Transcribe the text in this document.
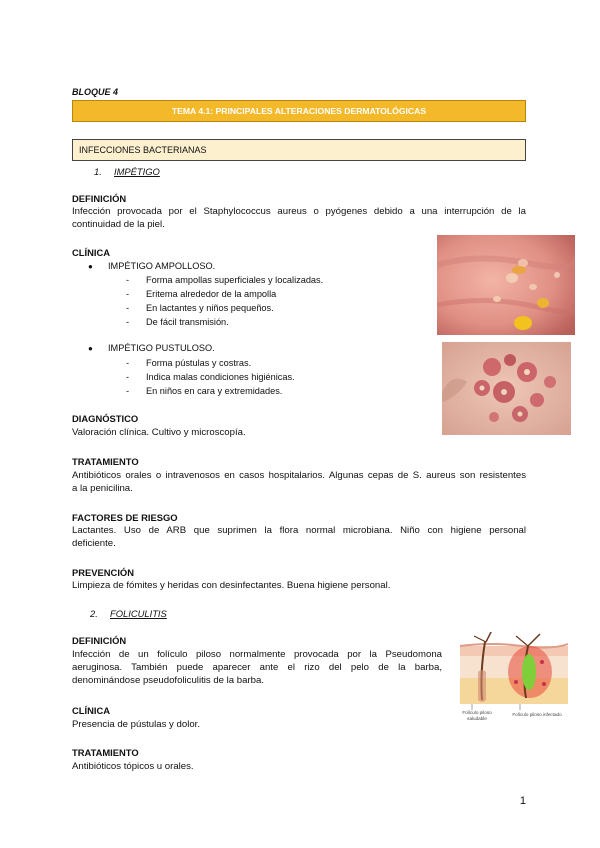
BLOQUE 4
TEMA 4.1: PRINCIPALES ALTERACIONES DERMATOLÓGICAS
INFECCIONES BACTERIANAS
1. IMPÉTIGO
DEFINICIÓN
Infección provocada por el Staphylococcus aureus o pyógenes debido a una interrupción de la
continuidad de la piel.
CLÍNICA
● IMPÉTIGO AMPOLLOSO.
- Forma ampollas superficiales y localizadas.
- Eritema alrededor de la ampolla
- En lactantes y niños pequeños.
- De fácil transmisión.
● IMPÉTIGO PUSTULOSO.
- Forma pústulas y costras.
- Indica malas condiciones higiénicas.
- En niños en cara y extremidades.
DIAGNÓSTICO
Valoración clínica. Cultivo y microscopía.
TRATAMIENTO
Antibióticos orales o intravenosos en casos hospitalarios. Algunas cepas de S. aureus son resistentes
a la penicilina.
FACTORES DE RIESGO
Lactantes. Uso de ARB que suprimen la flora normal microbiana. Niño con higiene personal
deficiente.
PREVENCIÓN
Limpieza de fómites y heridas con desinfectantes. Buena higiene personal.
2. FOLICULITIS
DEFINICIÓN
Infección de un folículo piloso normalmente provocada por la Pseudomona
aeruginosa. También puede aparecer ante el rizo del pelo de la barba,
denominándose pseudofoliculitis de la barba.
Folículo piloso saludable
Folículo piloso infectado
CLÍNICA
Presencia de pústulas y dolor.
TRATAMIENTO
Antibióticos tópicos u orales.
1
